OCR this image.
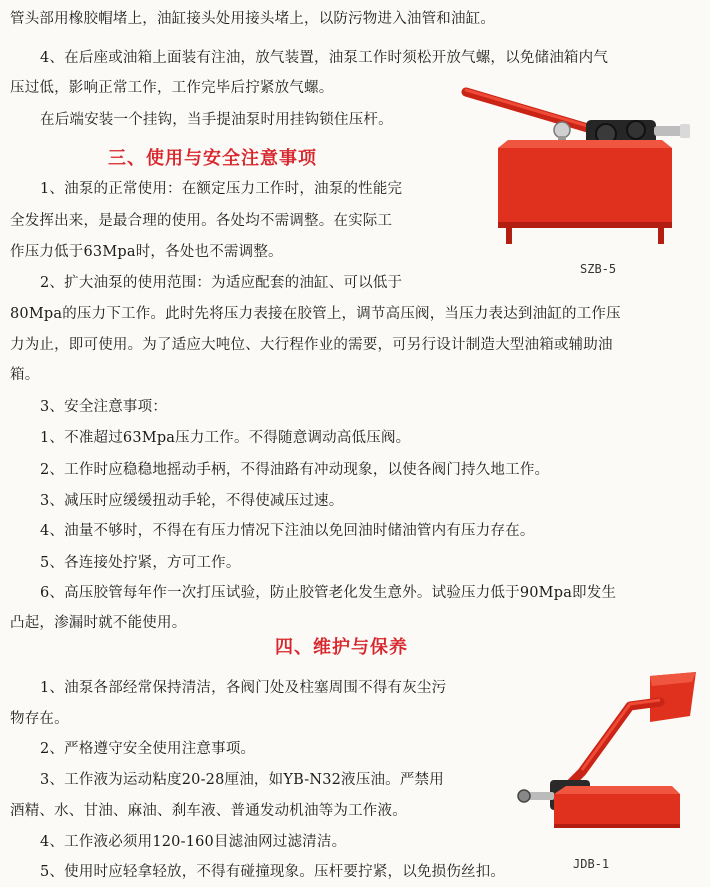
管头部用橡胶帽堵上，油缸接头处用接头堵上，以防污物进入油管和油缸。
4、在后座或油箱上面装有注油，放气装置，油泵工作时须松开放气螺，以免储油箱内气
压过低，影响正常工作，工作完毕后拧紧放气螺。
在后端安装一个挂钩，当手提油泵时用挂钩锁住压杆。
三、使用与安全注意事项
1、油泵的正常使用：在额定压力工作时，油泵的性能完
全发挥出来，是最合理的使用。各处均不需调整。在实际工
作压力低于63Mpa时，各处也不需调整。
2、扩大油泵的使用范围：为适应配套的油缸、可以低于
80Mpa的压力下工作。此时先将压力表接在胶管上，调节高压阀，当压力表达到油缸的工作压
力为止，即可使用。为了适应大吨位、大行程作业的需要，可另行设计制造大型油箱或辅助油
箱。
3、安全注意事项：
1、不准超过63Mpa压力工作。不得随意调动高低压阀。
2、工作时应稳稳地摇动手柄，不得油路有冲动现象，以使各阀门持久地工作。
3、减压时应缓缓扭动手轮，不得使减压过速。
4、油量不够时，不得在有压力情况下注油以免回油时储油管内有压力存在。
5、各连接处拧紧，方可工作。
6、高压胶管每年作一次打压试验，防止胶管老化发生意外。试验压力低于90Mpa即发生
凸起，渗漏时就不能使用。
四、维护与保养
1、油泵各部经常保持清洁，各阀门处及柱塞周围不得有灰尘污
物存在。
2、严格遵守安全使用注意事项。
3、工作液为运动粘度20-28厘油，如YB-N32液压油。严禁用
酒精、水、甘油、麻油、刹车液、普通发动机油等为工作液。
4、工作液必须用120-160目滤油网过滤清洁。
5、使用时应轻拿轻放，不得有碰撞现象。压杆要拧紧，以免损伤丝扣。
SZB-5
JDB-1
